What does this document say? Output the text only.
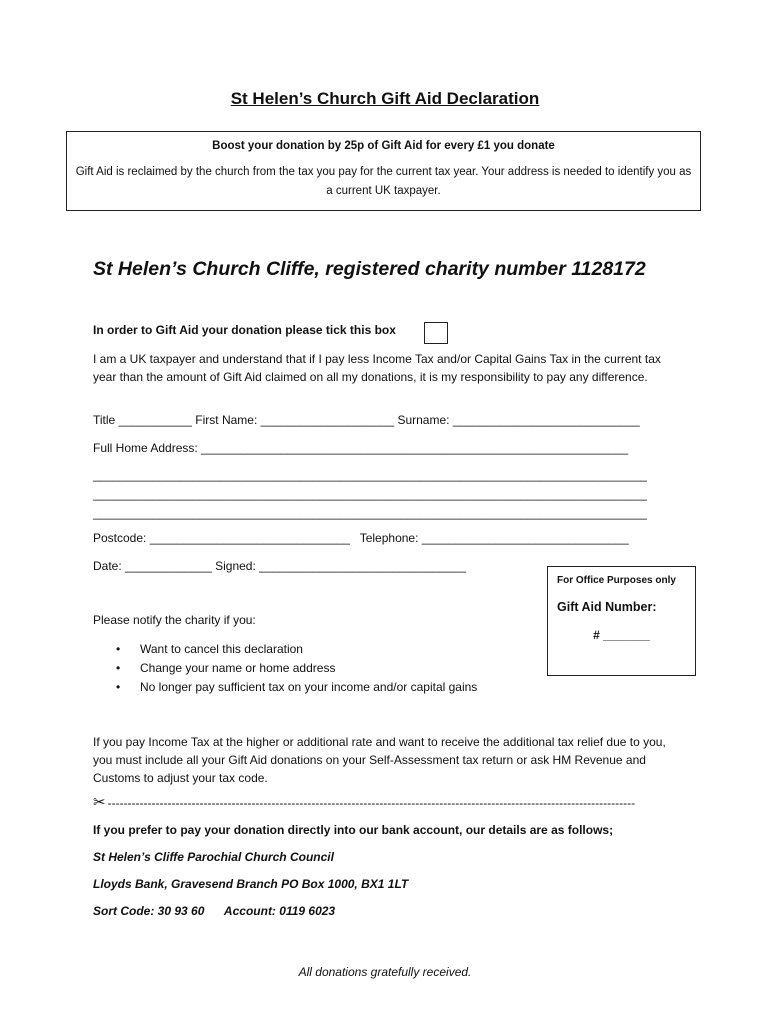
St Helen’s Church Gift Aid Declaration
Boost your donation by 25p of Gift Aid for every £1 you donate
Gift Aid is reclaimed by the church from the tax you pay for the current tax year. Your address is needed to identify you as a current UK taxpayer.
St Helen’s Church Cliffe, registered charity number 1128172
In order to Gift Aid your donation please tick this box
I am a UK taxpayer and understand that if I pay less Income Tax and/or Capital Gains Tax in the current tax year than the amount of Gift Aid claimed on all my donations, it is my responsibility to pay any difference.
Title ___________ First Name: ____________________ Surname: ____________________________
Full Home Address: ________________________________________________________________
___________________________________________________________________________________
___________________________________________________________________________________
___________________________________________________________________________________
Postcode: ______________________________   Telephone: _______________________________
Date: _____________ Signed: _______________________________
For Office Purposes only
Gift Aid Number:
# _______
Please notify the charity if you:
• Want to cancel this declaration
• Change your name or home address
• No longer pay sufficient tax on your income and/or capital gains
If you pay Income Tax at the higher or additional rate and want to receive the additional tax relief due to you, you must include all your Gift Aid donations on your Self-Assessment tax return or ask HM Revenue and Customs to adjust your tax code.
✂ ------------------------------------------------------------------------------------------------------------------------------------
If you prefer to pay your donation directly into our bank account, our details are as follows;
St Helen’s Cliffe Parochial Church Council
Lloyds Bank, Gravesend Branch PO Box 1000, BX1 1LT
Sort Code: 30 93 60      Account: 0119 6023
All donations gratefully received.
